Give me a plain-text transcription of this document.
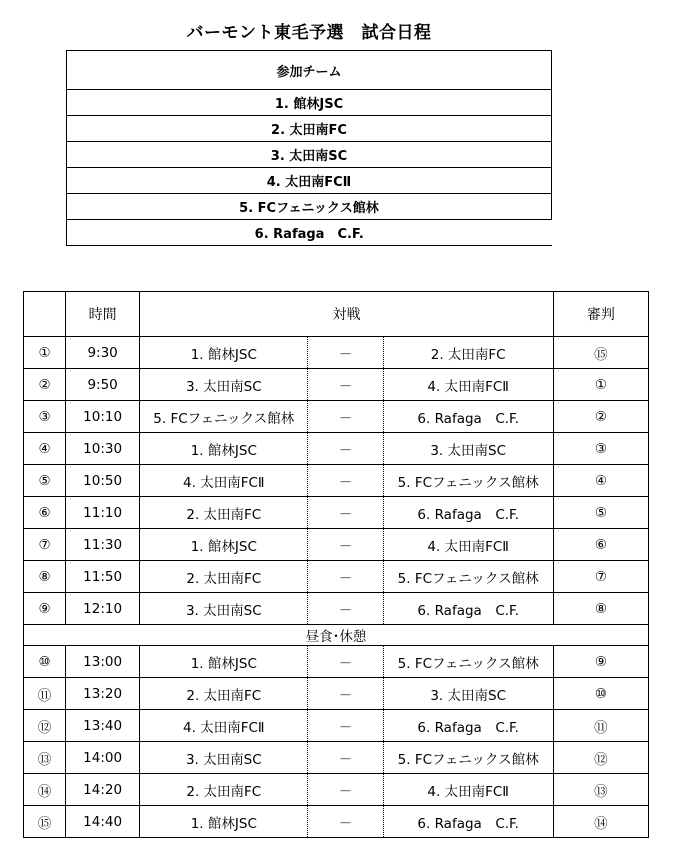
バーモント東毛予選　試合日程
参加チーム
1. 館林JSC
2. 太田南FC
3. 太田南SC
4. 太田南FCⅡ
5. FCフェニックス館林
6. Rafaga　C.F.
	時間	対戦			審判
①	9:30	1. 館林JSC	－	2. 太田南FC	⑮
②	9:50	3. 太田南SC	－	4. 太田南FCⅡ	①
③	10:10	5. FCフェニックス館林	－	6. Rafaga　C.F.	②
④	10:30	1. 館林JSC	－	3. 太田南SC	③
⑤	10:50	4. 太田南FCⅡ	－	5. FCフェニックス館林	④
⑥	11:10	2. 太田南FC	－	6. Rafaga　C.F.	⑤
⑦	11:30	1. 館林JSC	－	4. 太田南FCⅡ	⑥
⑧	11:50	2. 太田南FC	－	5. FCフェニックス館林	⑦
⑨	12:10	3. 太田南SC	－	6. Rafaga　C.F.	⑧
昼食･休憩					
⑩	13:00	1. 館林JSC	－	5. FCフェニックス館林	⑨
⑪	13:20	2. 太田南FC	－	3. 太田南SC	⑩
⑫	13:40	4. 太田南FCⅡ	－	6. Rafaga　C.F.	⑪
⑬	14:00	3. 太田南SC	－	5. FCフェニックス館林	⑫
⑭	14:20	2. 太田南FC	－	4. 太田南FCⅡ	⑬
⑮	14:40	1. 館林JSC	－	6. Rafaga　C.F.	⑭
